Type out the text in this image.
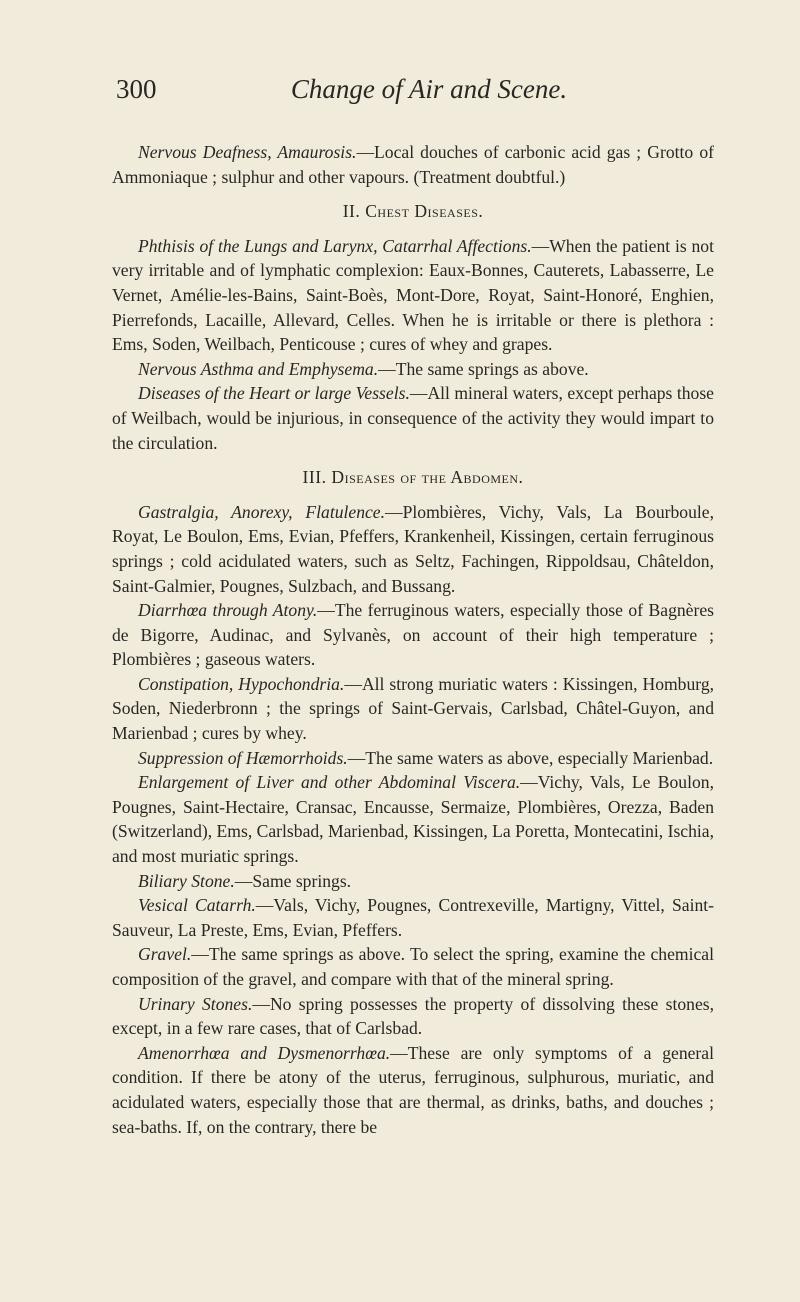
300	Change of Air and Scene.

Nervous Deafness, Amaurosis.—Local douches of carbonic acid gas ; Grotto of Ammoniaque ; sulphur and other vapours. (Treatment doubtful.)

II. Chest Diseases.

Phthisis of the Lungs and Larynx, Catarrhal Affections.—When the patient is not very irritable and of lymphatic complexion: Eaux-Bonnes, Cauterets, Labasserre, Le Vernet, Amélie-les-Bains, Saint-Boès, Mont-Dore, Royat, Saint-Honoré, Enghien, Pierrefonds, Lacaille, Allevard, Celles. When he is irritable or there is plethora : Ems, Soden, Weilbach, Penticouse ; cures of whey and grapes.

Nervous Asthma and Emphysema.—The same springs as above.

Diseases of the Heart or large Vessels.—All mineral waters, except perhaps those of Weilbach, would be injurious, in consequence of the activity they would impart to the circulation.

III. Diseases of the Abdomen.

Gastralgia, Anorexy, Flatulence.—Plombières, Vichy, Vals, La Bourboule, Royat, Le Boulon, Ems, Evian, Pfeffers, Krankenheil, Kissingen, certain ferruginous springs ; cold acidulated waters, such as Seltz, Fachingen, Rippoldsau, Châteldon, Saint-Galmier, Pougnes, Sulzbach, and Bussang.

Diarrhœa through Atony.—The ferruginous waters, especially those of Bagnères de Bigorre, Audinac, and Sylvanès, on account of their high temperature ; Plombières ; gaseous waters.

Constipation, Hypochondria.—All strong muriatic waters : Kissingen, Homburg, Soden, Niederbronn ; the springs of Saint-Gervais, Carlsbad, Châtel-Guyon, and Marienbad ; cures by whey.

Suppression of Hæmorrhoids.—The same waters as above, especially Marienbad.

Enlargement of Liver and other Abdominal Viscera.—Vichy, Vals, Le Boulon, Pougnes, Saint-Hectaire, Cransac, Encausse, Sermaize, Plombières, Orezza, Baden (Switzerland), Ems, Carlsbad, Marienbad, Kissingen, La Poretta, Montecatini, Ischia, and most muriatic springs.

Biliary Stone.—Same springs.

Vesical Catarrh.—Vals, Vichy, Pougnes, Contrexeville, Martigny, Vittel, Saint-Sauveur, La Preste, Ems, Evian, Pfeffers.

Gravel.—The same springs as above. To select the spring, examine the chemical composition of the gravel, and compare with that of the mineral spring.

Urinary Stones.—No spring possesses the property of dissolving these stones, except, in a few rare cases, that of Carlsbad.

Amenorrhœa and Dysmenorrhœa.—These are only symptoms of a general condition. If there be atony of the uterus, ferruginous, sulphurous, muriatic, and acidulated waters, especially those that are thermal, as drinks, baths, and douches ; sea-baths. If, on the contrary, there be
